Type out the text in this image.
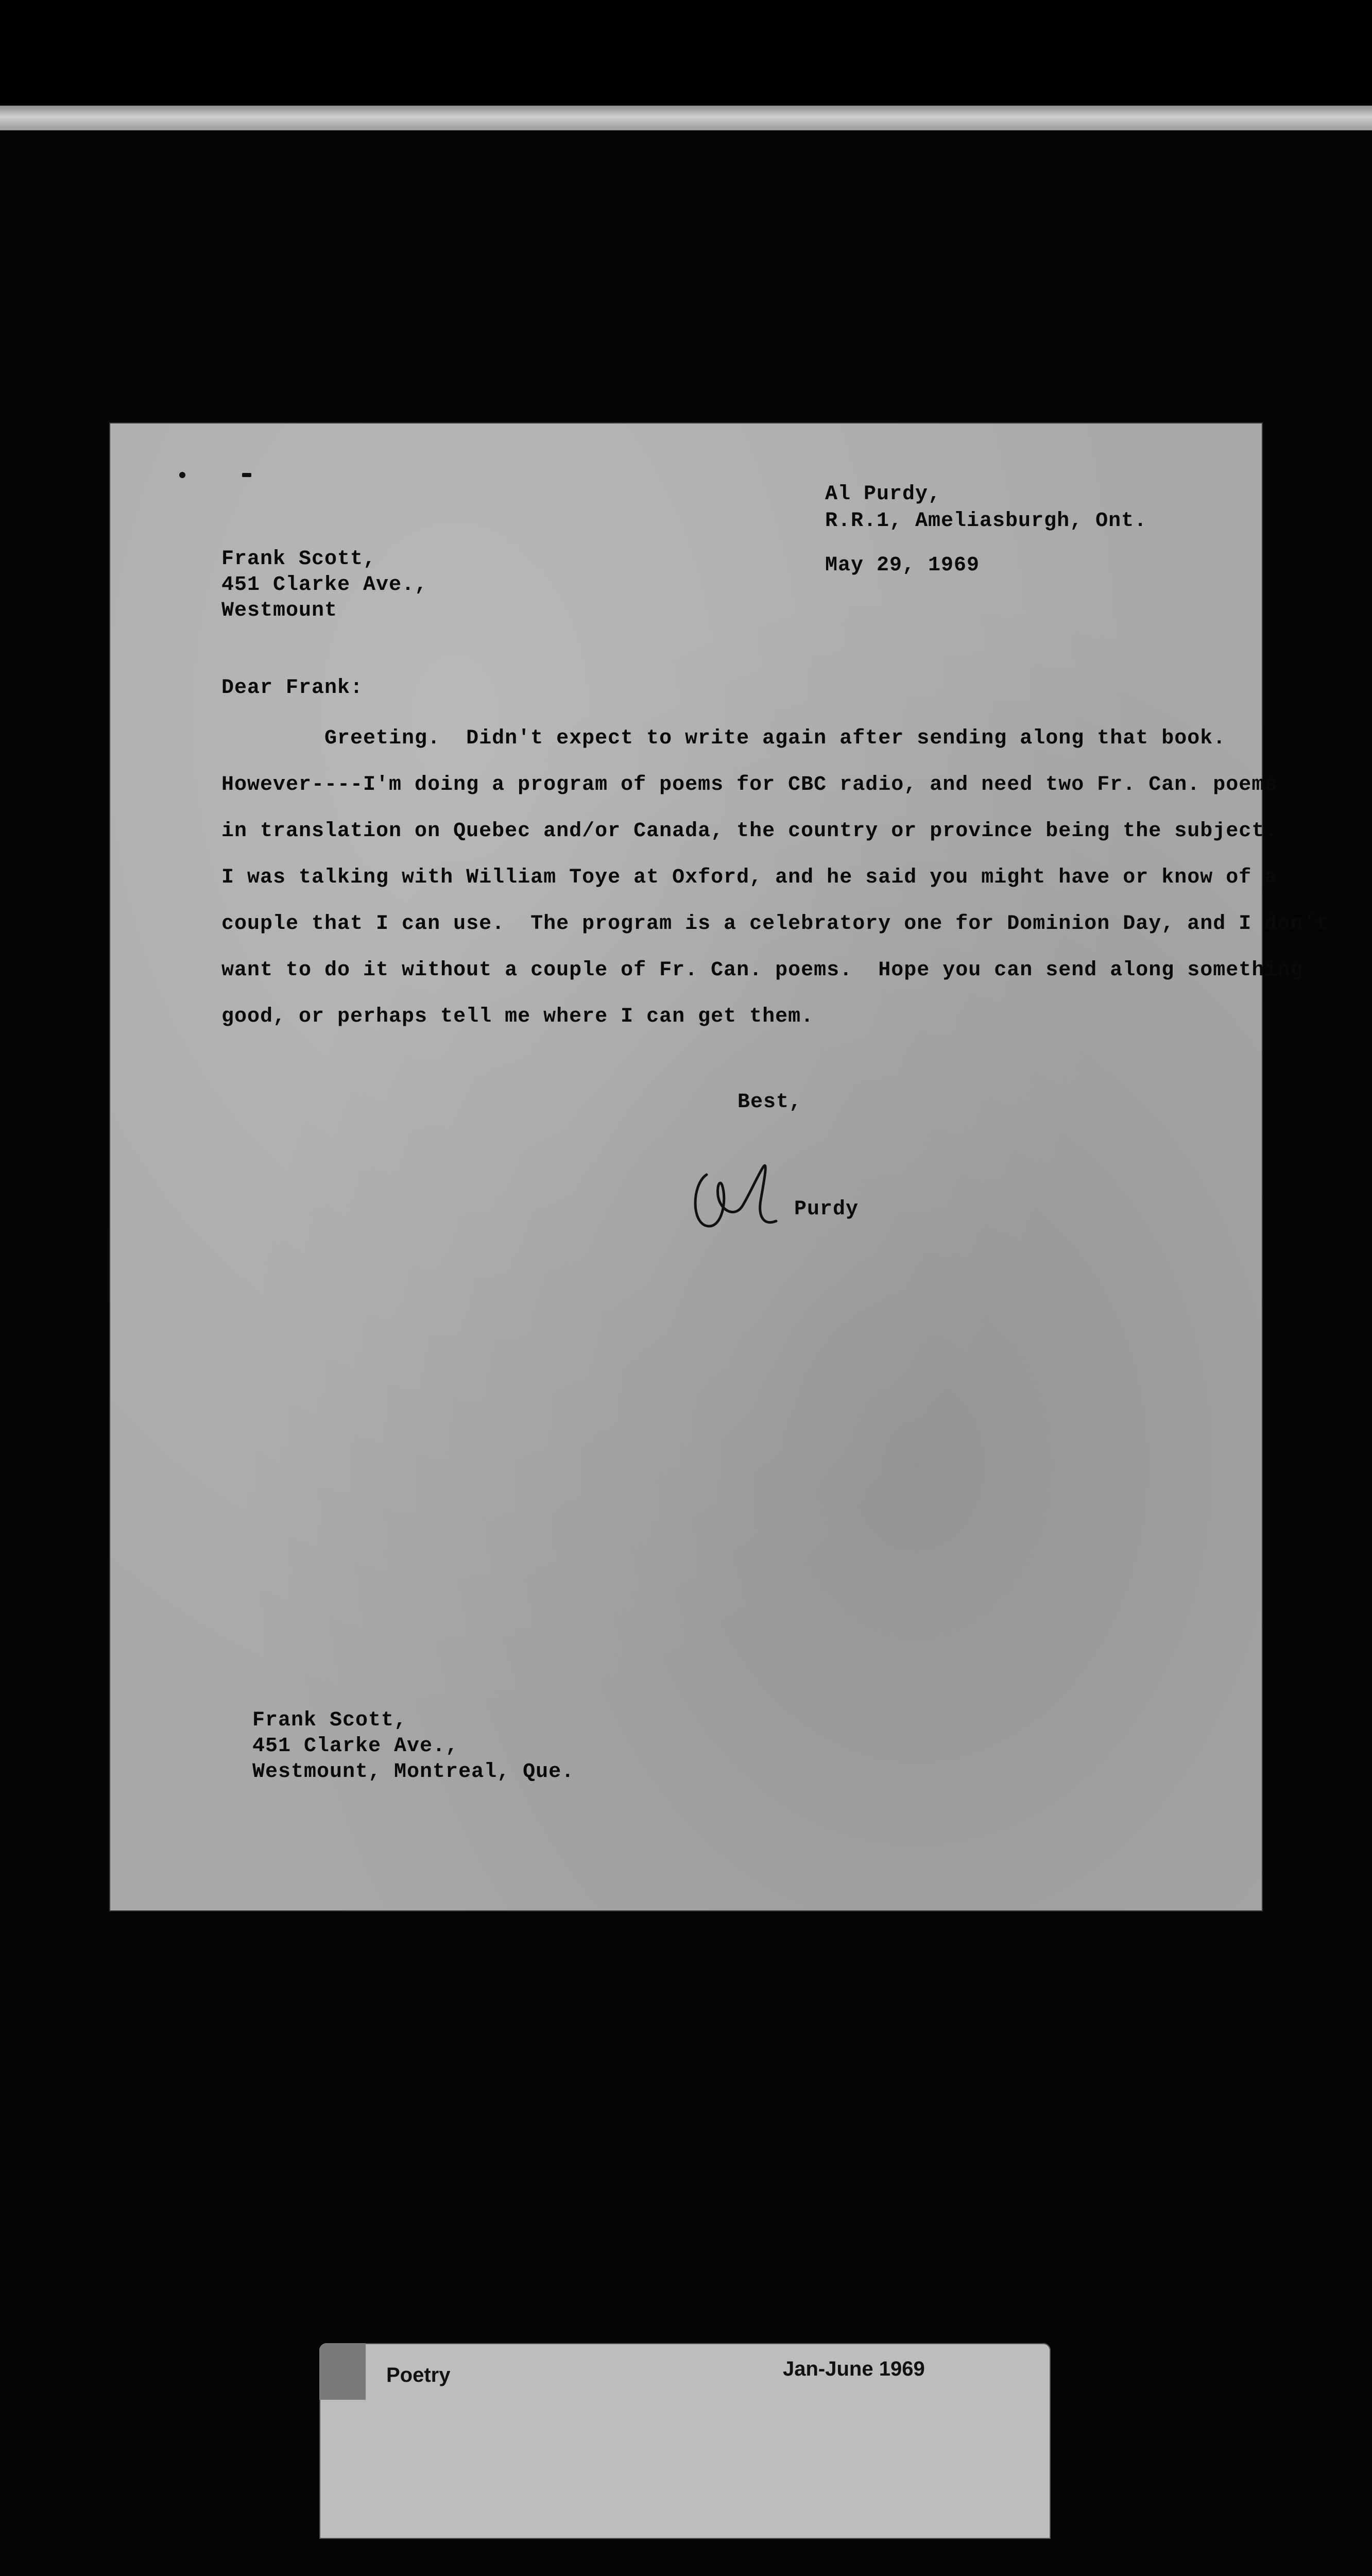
Al Purdy,
R.R.1, Ameliasburgh, Ont.
May 29, 1969
Frank Scott,
451 Clarke Ave.,
Westmount
Dear Frank:
Greeting.  Didn't expect to write again after sending along that book.
However----I'm doing a program of poems for CBC radio, and need two Fr. Can. poems
in translation on Quebec and/or Canada, the country or province being the subject.
I was talking with William Toye at Oxford, and he said you might have or know of a
couple that I can use.  The program is a celebratory one for Dominion Day, and I don't
want to do it without a couple of Fr. Can. poems.  Hope you can send along something
good, or perhaps tell me where I can get them.
Best,
Purdy
Frank Scott,
451 Clarke Ave.,
Westmount, Montreal, Que.
Poetry	Jan-June 1969
